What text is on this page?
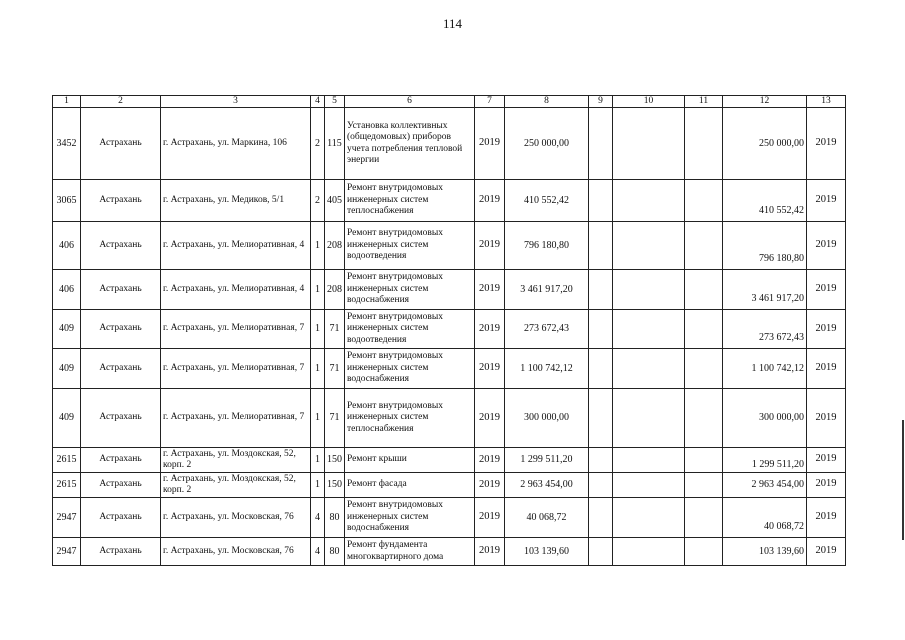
114
1	2	3	4	5	6	7	8	9	10	11	12	13
3452	Астрахань	г. Астрахань, ул. Маркина, 106	2	115	Установка коллективных (общедомовых) приборов учета потребления тепловой энергии	2019	250 000,00				250 000,00	2019
3065	Астрахань	г. Астрахань, ул. Медиков, 5/1	2	405	Ремонт внутридомовых инженерных систем теплоснабжения	2019	410 552,42				410 552,42	2019
406	Астрахань	г. Астрахань, ул. Мелиоративная, 4	1	208	Ремонт внутридомовых инженерных систем водоотведения	2019	796 180,80				796 180,80	2019
406	Астрахань	г. Астрахань, ул. Мелиоративная, 4	1	208	Ремонт внутридомовых инженерных систем водоснабжения	2019	3 461 917,20				3 461 917,20	2019
409	Астрахань	г. Астрахань, ул. Мелиоративная, 7	1	71	Ремонт внутридомовых инженерных систем водоотведения	2019	273 672,43				273 672,43	2019
409	Астрахань	г. Астрахань, ул. Мелиоративная, 7	1	71	Ремонт внутридомовых инженерных систем водоснабжения	2019	1 100 742,12				1 100 742,12	2019
409	Астрахань	г. Астрахань, ул. Мелиоративная, 7	1	71	Ремонт внутридомовых инженерных систем теплоснабжения	2019	300 000,00				300 000,00	2019
2615	Астрахань	г. Астрахань, ул. Моздокская, 52, корп. 2	1	150	Ремонт крыши	2019	1 299 511,20				1 299 511,20	2019
2615	Астрахань	г. Астрахань, ул. Моздокская, 52, корп. 2	1	150	Ремонт фасада	2019	2 963 454,00				2 963 454,00	2019
2947	Астрахань	г. Астрахань, ул. Московская, 76	4	80	Ремонт внутридомовых инженерных систем водоснабжения	2019	40 068,72				40 068,72	2019
2947	Астрахань	г. Астрахань, ул. Московская, 76	4	80	Ремонт фундамента многоквартирного дома	2019	103 139,60				103 139,60	2019
